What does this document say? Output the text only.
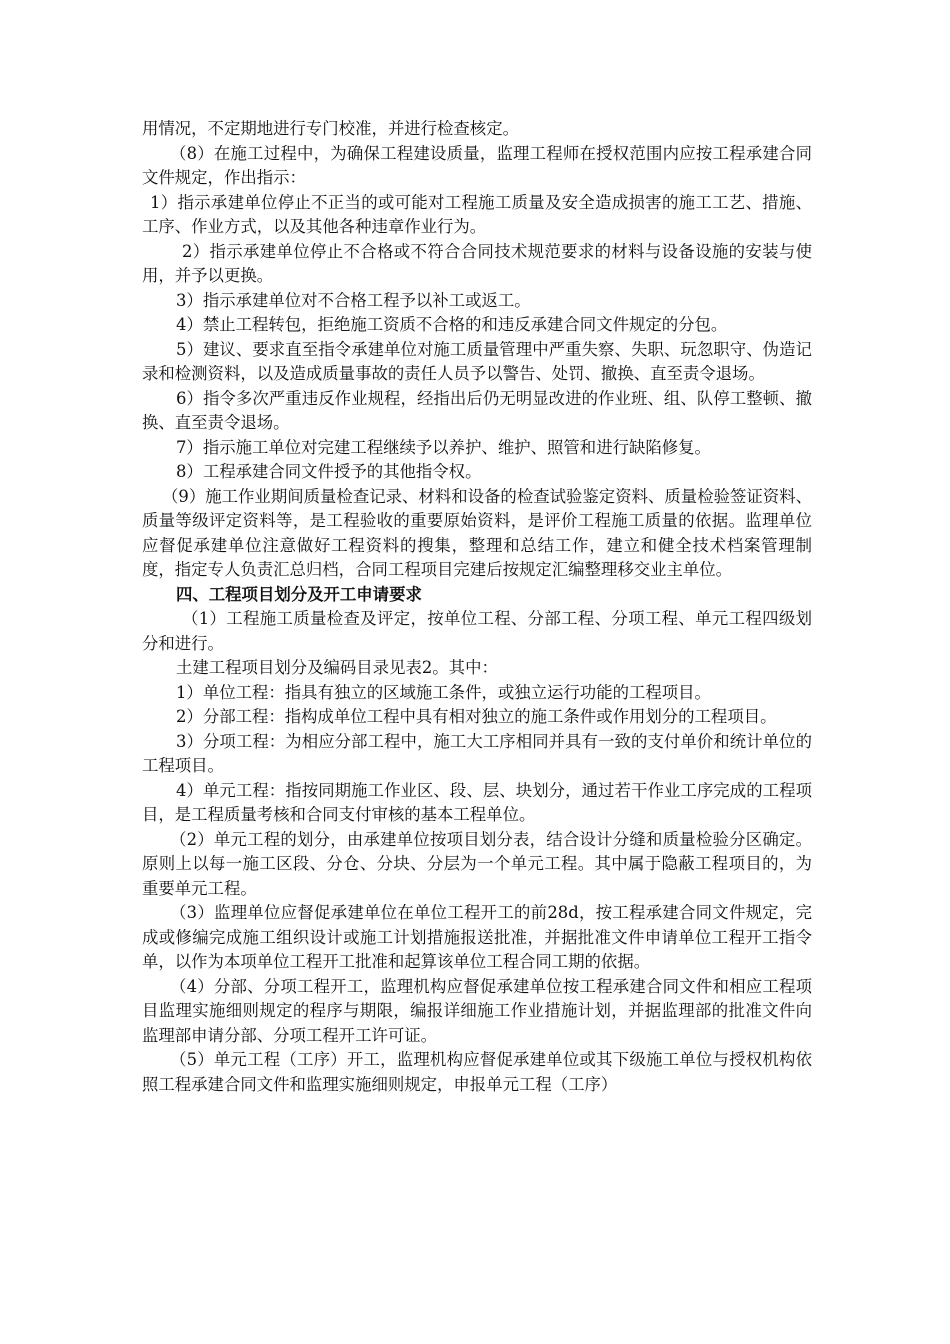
用情况，不定期地进行专门校准，并进行检查核定。

（8）在施工过程中，为确保工程建设质量，监理工程师在授权范围内应按工程承建合同文件规定，作出指示：

1）指示承建单位停止不正当的或可能对工程施工质量及安全造成损害的施工工艺、措施、工序、作业方式，以及其他各种违章作业行为。

2）指示承建单位停止不合格或不符合合同技术规范要求的材料与设备设施的安装与使用，并予以更换。

3）指示承建单位对不合格工程予以补工或返工。

4）禁止工程转包，拒绝施工资质不合格的和违反承建合同文件规定的分包。

5）建议、要求直至指令承建单位对施工质量管理中严重失察、失职、玩忽职守、伪造记录和检测资料，以及造成质量事故的责任人员予以警告、处罚、撤换、直至责令退场。

6）指令多次严重违反作业规程，经指出后仍无明显改进的作业班、组、队停工整顿、撤换、直至责令退场。

7）指示施工单位对完建工程继续予以养护、维护、照管和进行缺陷修复。

8）工程承建合同文件授予的其他指令权。

（9）施工作业期间质量检查记录、材料和设备的检查试验鉴定资料、质量检验签证资料、质量等级评定资料等，是工程验收的重要原始资料，是评价工程施工质量的依据。监理单位应督促承建单位注意做好工程资料的搜集，整理和总结工作，建立和健全技术档案管理制度，指定专人负责汇总归档，合同工程项目完建后按规定汇编整理移交业主单位。

四、工程项目划分及开工申请要求

（1）工程施工质量检查及评定，按单位工程、分部工程、分项工程、单元工程四级划分和进行。

土建工程项目划分及编码目录见表2。其中：

1）单位工程：指具有独立的区域施工条件，或独立运行功能的工程项目。

2）分部工程：指构成单位工程中具有相对独立的施工条件或作用划分的工程项目。

3）分项工程：为相应分部工程中，施工大工序相同并具有一致的支付单价和统计单位的工程项目。

4）单元工程：指按同期施工作业区、段、层、块划分，通过若干作业工序完成的工程项目，是工程质量考核和合同支付审核的基本工程单位。

（2）单元工程的划分，由承建单位按项目划分表，结合设计分缝和质量检验分区确定。原则上以每一施工区段、分仓、分块、分层为一个单元工程。其中属于隐蔽工程项目的，为重要单元工程。

（3）监理单位应督促承建单位在单位工程开工的前28d，按工程承建合同文件规定，完成或修编完成施工组织设计或施工计划措施报送批准，并据批准文件申请单位工程开工指令单，以作为本项单位工程开工批准和起算该单位工程合同工期的依据。

（4）分部、分项工程开工，监理机构应督促承建单位按工程承建合同文件和相应工程项目监理实施细则规定的程序与期限，编报详细施工作业措施计划，并据监理部的批准文件向监理部申请分部、分项工程开工许可证。

（5）单元工程（工序）开工，监理机构应督促承建单位或其下级施工单位与授权机构依照工程承建合同文件和监理实施细则规定，申报单元工程（工序）
